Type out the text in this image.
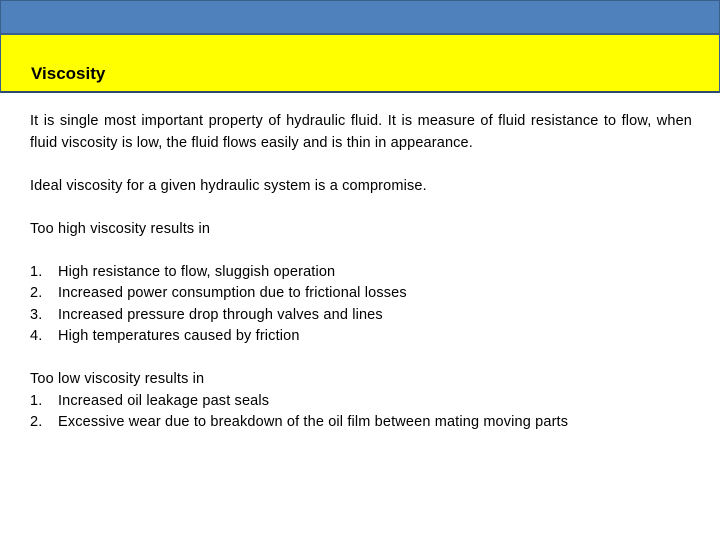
Viscosity

It is single most important property of hydraulic fluid. It is measure of fluid resistance to flow, when fluid viscosity is low, the fluid flows easily and is thin in appearance.

Ideal viscosity for a given hydraulic system is a compromise.

Too high viscosity results in

1.	High resistance to flow, sluggish operation
2.	Increased power consumption due to frictional losses
3.	Increased pressure drop through valves and lines
4.	High temperatures caused by friction

Too low viscosity results in

1.	Increased oil leakage past seals
2.	Excessive wear due to breakdown of the oil film between mating moving parts
